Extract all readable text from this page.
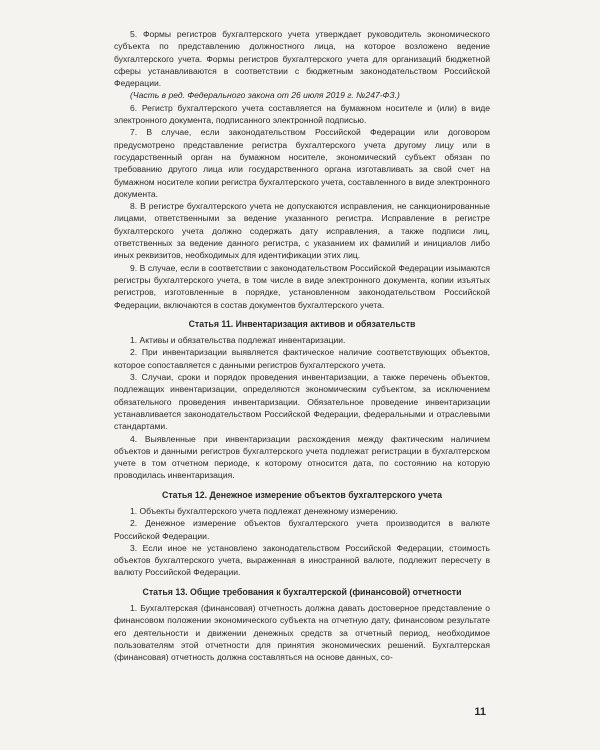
5. Формы регистров бухгалтерского учета утверждает руководитель экономического субъекта по представлению должностного лица, на которое возложено ведение бухгалтерского учета. Формы регистров бухгалтерского учета для организаций бюджетной сферы устанавливаются в соответствии с бюджетным законодательством Российской Федерации.

(Часть в ред. Федерального закона от 26 июля 2019 г. №247-ФЗ.)

6. Регистр бухгалтерского учета составляется на бумажном носителе и (или) в виде электронного документа, подписанного электронной подписью.

7. В случае, если законодательством Российской Федерации или договором предусмотрено представление регистра бухгалтерского учета другому лицу или в государственный орган на бумажном носителе, экономический субъект обязан по требованию другого лица или государственного органа изготавливать за свой счет на бумажном носителе копии регистра бухгалтерского учета, составленного в виде электронного документа.

8. В регистре бухгалтерского учета не допускаются исправления, не санкционированные лицами, ответственными за ведение указанного регистра. Исправление в регистре бухгалтерского учета должно содержать дату исправления, а также подписи лиц, ответственных за ведение данного регистра, с указанием их фамилий и инициалов либо иных реквизитов, необходимых для идентификации этих лиц.

9. В случае, если в соответствии с законодательством Российской Федерации изымаются регистры бухгалтерского учета, в том числе в виде электронного документа, копии изъятых регистров, изготовленные в порядке, установленном законодательством Российской Федерации, включаются в состав документов бухгалтерского учета.

Статья 11. Инвентаризация активов и обязательств

1. Активы и обязательства подлежат инвентаризации.

2. При инвентаризации выявляется фактическое наличие соответствующих объектов, которое сопоставляется с данными регистров бухгалтерского учета.

3. Случаи, сроки и порядок проведения инвентаризации, а также перечень объектов, подлежащих инвентаризации, определяются экономическим субъектом, за исключением обязательного проведения инвентаризации. Обязательное проведение инвентаризации устанавливается законодательством Российской Федерации, федеральными и отраслевыми стандартами.

4. Выявленные при инвентаризации расхождения между фактическим наличием объектов и данными регистров бухгалтерского учета подлежат регистрации в бухгалтерском учете в том отчетном периоде, к которому относится дата, по состоянию на которую проводилась инвентаризация.

Статья 12. Денежное измерение объектов бухгалтерского учета

1. Объекты бухгалтерского учета подлежат денежному измерению.

2. Денежное измерение объектов бухгалтерского учета производится в валюте Российской Федерации.

3. Если иное не установлено законодательством Российской Федерации, стоимость объектов бухгалтерского учета, выраженная в иностранной валюте, подлежит пересчету в валюту Российской Федерации.

Статья 13. Общие требования к бухгалтерской (финансовой) отчетности

1. Бухгалтерская (финансовая) отчетность должна давать достоверное представление о финансовом положении экономического субъекта на отчетную дату, финансовом результате его деятельности и движении денежных средств за отчетный период, необходимое пользователям этой отчетности для принятия экономических решений. Бухгалтерская (финансовая) отчетность должна составляться на основе данных, со-

11
